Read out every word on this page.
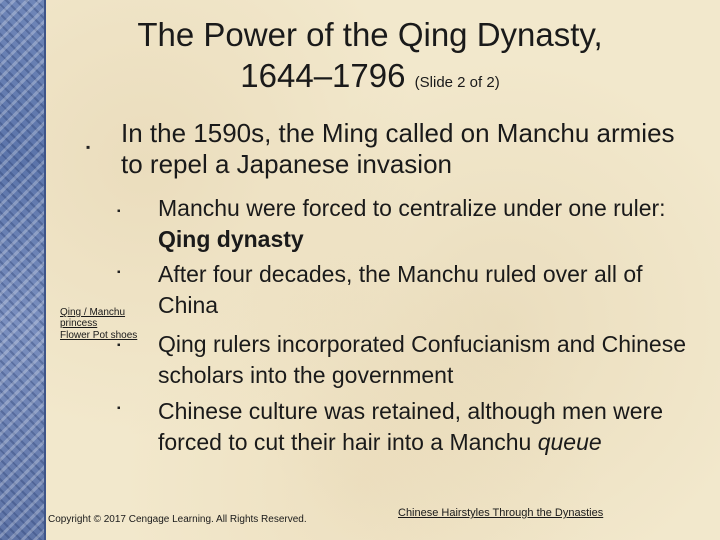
The Power of the Qing Dynasty,
1644–1796 (Slide 2 of 2)
▪ In the 1590s, the Ming called on Manchu armies to repel a Japanese invasion
▪ Manchu were forced to centralize under one ruler: Qing dynasty
▪ After four decades, the Manchu ruled over all of China
▪ Qing rulers incorporated Confucianism and Chinese scholars into the government
▪ Chinese culture was retained, although men were forced to cut their hair into a Manchu queue
Qing / Manchu
princess
Flower Pot shoes
Copyright © 2017 Cengage Learning. All Rights Reserved.
Chinese Hairstyles Through the Dynasties
